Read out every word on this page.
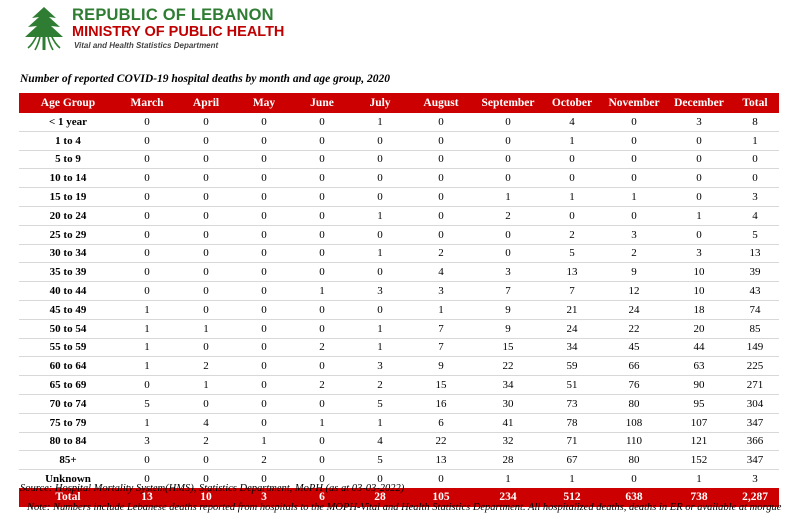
REPUBLIC OF LEBANON
MINISTRY OF PUBLIC HEALTH
Vital and Health Statistics Department
Number of reported COVID-19 hospital deaths by month and age group, 2020
Age Group	March	April	May	June	July	August	September	October	November	December	Total
< 1 year	0	0	0	0	1	0	0	4	0	3	8
1 to 4	0	0	0	0	0	0	0	1	0	0	1
5 to 9	0	0	0	0	0	0	0	0	0	0	0
10 to 14	0	0	0	0	0	0	0	0	0	0	0
15 to 19	0	0	0	0	0	0	1	1	1	0	3
20 to 24	0	0	0	0	1	0	2	0	0	1	4
25 to 29	0	0	0	0	0	0	0	2	3	0	5
30 to 34	0	0	0	0	1	2	0	5	2	3	13
35 to 39	0	0	0	0	0	4	3	13	9	10	39
40 to 44	0	0	0	1	3	3	7	7	12	10	43
45 to 49	1	0	0	0	0	1	9	21	24	18	74
50 to 54	1	1	0	0	1	7	9	24	22	20	85
55 to 59	1	0	0	2	1	7	15	34	45	44	149
60 to 64	1	2	0	0	3	9	22	59	66	63	225
65 to 69	0	1	0	2	2	15	34	51	76	90	271
70 to 74	5	0	0	0	5	16	30	73	80	95	304
75 to 79	1	4	0	1	1	6	41	78	108	107	347
80 to 84	3	2	1	0	4	22	32	71	110	121	366
85+	0	0	2	0	5	13	28	67	80	152	347
Unknown	0	0	0	0	0	0	1	1	0	1	3
Total	13	10	3	6	28	105	234	512	638	738	2,287
Source: Hospital Mortality System(HMS), Statistics Department, MoPH (as at 03-03-2022)
Note: Numbers include Lebanese deaths reported from hospitals to the MOPH-Vital and Health Statistics Department. All hospitalized deaths, deaths in ER or available at morgue
